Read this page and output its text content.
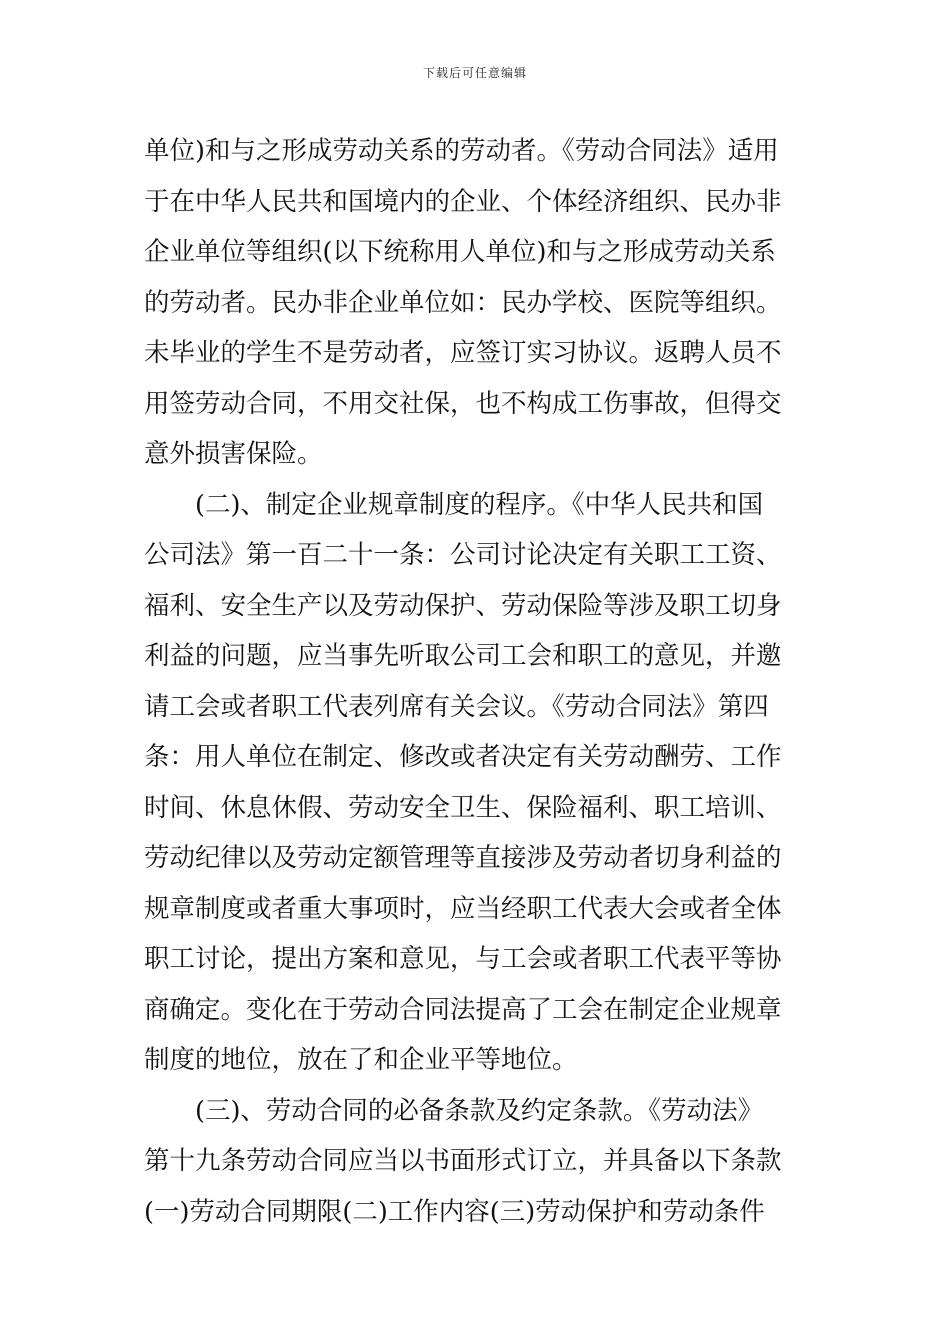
下载后可任意编辑
单位)和与之形成劳动关系的劳动者。《劳动合同法》适用
于在中华人民共和国境内的企业、个体经济组织、民办非
企业单位等组织(以下统称用人单位)和与之形成劳动关系
的劳动者。民办非企业单位如：民办学校、医院等组织。
未毕业的学生不是劳动者，应签订实习协议。返聘人员不
用签劳动合同，不用交社保，也不构成工伤事故，但得交
意外损害保险。
(二)、制定企业规章制度的程序。《中华人民共和国
公司法》第一百二十一条：公司讨论决定有关职工工资、
福利、安全生产以及劳动保护、劳动保险等涉及职工切身
利益的问题，应当事先听取公司工会和职工的意见，并邀
请工会或者职工代表列席有关会议。《劳动合同法》第四
条：用人单位在制定、修改或者决定有关劳动酬劳、工作
时间、休息休假、劳动安全卫生、保险福利、职工培训、
劳动纪律以及劳动定额管理等直接涉及劳动者切身利益的
规章制度或者重大事项时，应当经职工代表大会或者全体
职工讨论，提出方案和意见，与工会或者职工代表平等协
商确定。变化在于劳动合同法提高了工会在制定企业规章
制度的地位，放在了和企业平等地位。
(三)、劳动合同的必备条款及约定条款。《劳动法》
第十九条劳动合同应当以书面形式订立，并具备以下条款
(一)劳动合同期限(二)工作内容(三)劳动保护和劳动条件
